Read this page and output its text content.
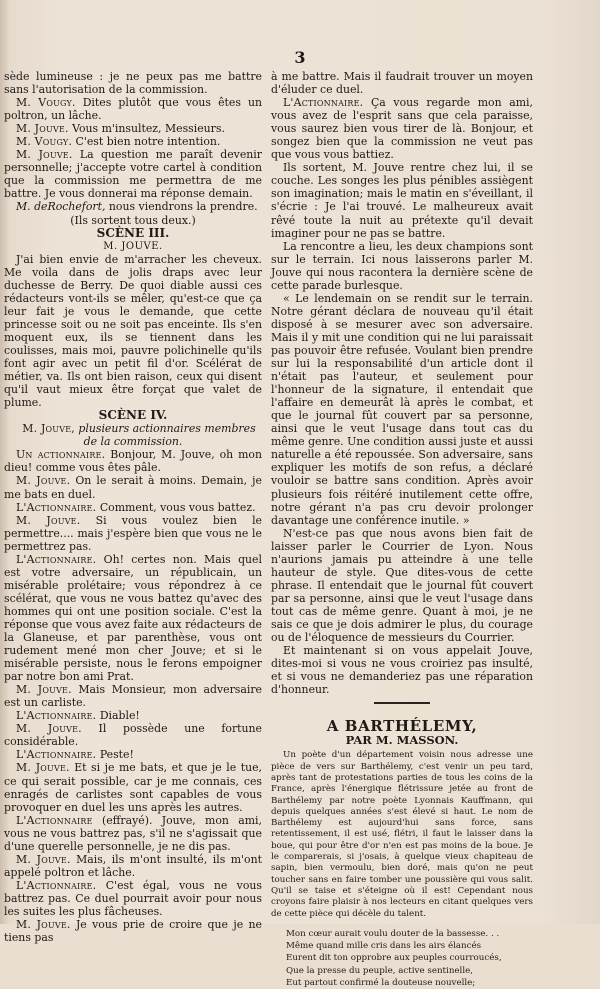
3

sède lumineuse : je ne peux pas me battre sans l'autorisation de la commission.

M. Vougy. Dites plutôt que vous êtes un poltron, un lâche.

M. Jouve. Vous m'insultez, Messieurs.

M. Vougy. C'est bien notre intention.

M. Jouve. La question me paraît devenir personnelle; j'accepte votre cartel à condition que la commission me permettra de me battre. Je vous donnerai ma réponse demain.

M. deRochefort, nous viendrons la prendre.

(Ils sortent tous deux.)

SCÈNE III.

M. JOUVE.

J'ai bien envie de m'arracher les cheveux. Me voila dans de jolis draps avec leur duchesse de Berry. De quoi diable aussi ces rédacteurs vont-ils se mêler, qu'est-ce que ça leur fait je vous le demande, que cette princesse soit ou ne soit pas enceinte. Ils s'en moquent eux, ils se tiennent dans les coulisses, mais moi, pauvre polichinelle qu'ils font agir avec un petit fil d'or. Scélérat de métier, va. Ils ont bien raison, ceux qui disent qu'il vaut mieux être forçat que valet de plume.

SCÈNE IV.

M. Jouve, plusieurs actionnaires membres de la commission.

Un actionnaire. Bonjour, M. Jouve, oh mon dieu! comme vous êtes pâle.

M. Jouve. On le serait à moins. Demain, je me bats en duel.

L'Actionnaire. Comment, vous vous battez.

M. Jouve. Si vous voulez bien le permettre.... mais j'espère bien que vous ne le permettrez pas.

L'Actionnaire. Oh! certes non. Mais quel est votre adversaire, un républicain, un misérable prolétaire; vous répondrez à ce scélérat, que vous ne vous battez qu'avec des hommes qui ont une position sociale. C'est la réponse que vous avez faite aux rédacteurs de la Glaneuse, et par parenthèse, vous ont rudement mené mon cher Jouve; et si le misérable persiste, nous le ferons empoigner par notre bon ami Prat.

M. Jouve. Mais Monsieur, mon adversaire est un carliste.

L'Actionnaire. Diable!

M. Jouve. Il possède une fortune considérable.

L'Actionnaire. Peste!

M. Jouve. Et si je me bats, et que je le tue, ce qui serait possible, car je me connais, ces enragés de carlistes sont capables de vous provoquer en duel les uns après les autres.

L'Actionnaire (effrayé). Jouve, mon ami, vous ne vous battrez pas, s'il ne s'agissait que d'une querelle personnelle, je ne dis pas.

M. Jouve. Mais, ils m'ont insulté, ils m'ont appelé poltron et lâche.

L'Actionnaire. C'est égal, vous ne vous battrez pas. Ce duel pourrait avoir pour nous les suites les plus fâcheuses.

M. Jouve. Je vous prie de croire que je ne tiens pas

à me battre. Mais il faudrait trouver un moyen d'éluder ce duel.

L'Actionnaire. Ça vous regarde mon ami, vous avez de l'esprit sans que cela paraisse, vous saurez bien vous tirer de là. Bonjour, et songez bien que la commission ne veut pas que vous vous battiez.

Ils sortent, M. Jouve rentre chez lui, il se couche. Les songes les plus pénibles assiègent son imagination; mais le matin en s'éveillant, il s'écrie : Je l'ai trouvé. Le malheureux avait rêvé toute la nuit au prétexte qu'il devait imaginer pour ne pas se battre.

La rencontre a lieu, les deux champions sont sur le terrain. Ici nous laisserons parler M. Jouve qui nous racontera la dernière scène de cette parade burlesque.

« Le lendemain on se rendit sur le terrain. Notre gérant déclara de nouveau qu'il était disposé à se mesurer avec son adversaire. Mais il y mit une condition qui ne lui paraissait pas pouvoir être refusée. Voulant bien prendre sur lui la responsabilité d'un article dont il n'était pas l'auteur, et seulement pour l'honneur de la signature, il entendait que l'affaire en demeurât là après le combat, et que le journal fût couvert par sa personne, ainsi que le veut l'usage dans tout cas du même genre. Une condition aussi juste et aussi naturelle a été repoussée. Son adversaire, sans expliquer les motifs de son refus, a déclaré vouloir se battre sans condition. Après avoir plusieurs fois réitéré inutilement cette offre, notre gérant n'a pas cru devoir prolonger davantage une conférence inutile. »

N'est-ce pas que nous avons bien fait de laisser parler le Courrier de Lyon. Nous n'aurions jamais pu atteindre à une telle hauteur de style. Que dites-vous de cette phrase. Il entendait que le journal fût couvert par sa personne, ainsi que le veut l'usage dans tout cas de même genre. Quant à moi, je ne sais ce que je dois admirer le plus, du courage ou de l'éloquence de messieurs du Courrier.

Et maintenant si on vous appelait Jouve, dites-moi si vous ne vous croiriez pas insulté, et si vous ne demanderiez pas une réparation d'honneur.

A BARTHÉLEMY,
PAR M. MASSON.

Un poète d'un département voisin nous adresse une pièce de vers sur Barthélemy, c'est venir un peu tard, après tant de protestations parties de tous les coins de la France, après l'énergique flétrissure jetée au front de Barthélemy par notre poète Lyonnais Kauffmann, qui depuis quelques années s'est élevé si haut. Le nom de Barthélemy est aujourd'hui sans force, sans retentissement, il est usé, flétri, il faut le laisser dans la boue, qui pour être d'or n'en est pas moins de la boue. Je le comparerais, si j'osais, à quelque vieux chapiteau de sapin, bien vermoulu, bien doré, mais qu'on ne peut toucher sans en faire tomber une poussière qui vous salit. Qu'il se taise et s'éteigne où il est! Cependant nous croyons faire plaisir à nos lecteurs en citant quelques vers de cette pièce qui décèle du talent.

Mon cœur aurait voulu douter de la bassesse. . .
Même quand mille cris dans les airs élancés
Eurent dit ton opprobre aux peuples courroucés,
Que la presse du peuple, active sentinelle,
Eut partout confirmé la douteuse nouvelle;
